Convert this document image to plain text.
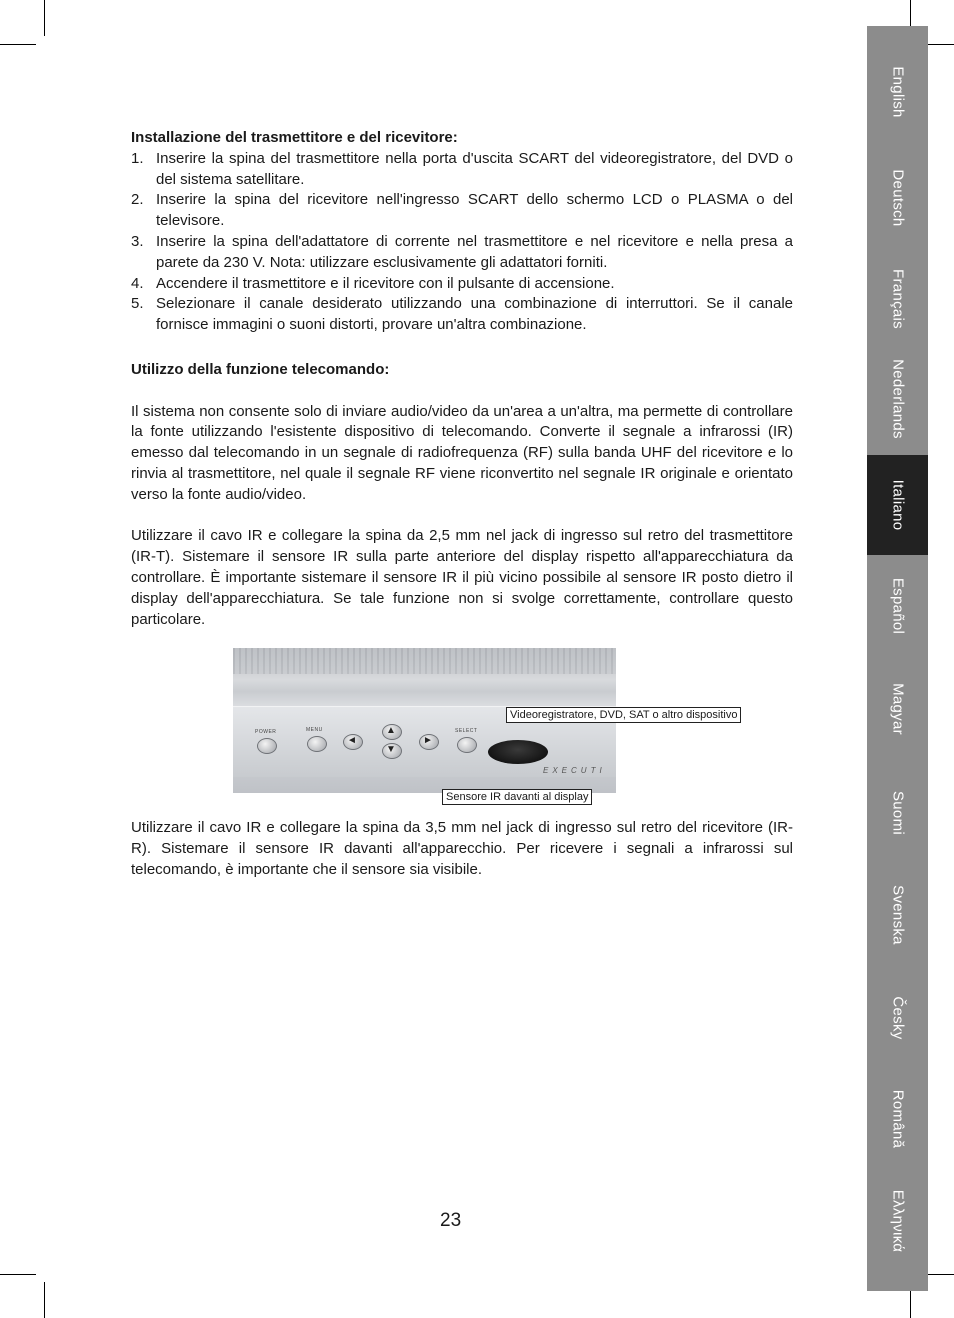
English
Deutsch
Français
Nederlands
Italiano
Español
Magyar
Suomi
Svenska
Česky
Română
Ελληνικά

Installazione del trasmettitore e del ricevitore:

1. Inserire la spina del trasmettitore nella porta d'uscita SCART del videoregistratore, del DVD o del sistema satellitare.
2. Inserire la spina del ricevitore nell'ingresso SCART dello schermo LCD o PLASMA o del televisore.
3. Inserire la spina dell'adattatore di corrente nel trasmettitore e nel ricevitore e nella presa a parete da 230 V. Nota: utilizzare esclusivamente gli adattatori forniti.
4. Accendere il trasmettitore e il ricevitore con il pulsante di accensione.
5. Selezionare il canale desiderato utilizzando una combinazione di interruttori. Se il canale fornisce immagini o suoni distorti, provare un'altra combinazione.

Utilizzo della funzione telecomando:

Il sistema non consente solo di inviare audio/video da un'area a un'altra, ma permette di controllare la fonte utilizzando l'esistente dispositivo di telecomando. Converte il segnale a infrarossi (IR) emesso dal telecomando in un segnale di radiofrequenza (RF) sulla banda UHF del ricevitore e lo rinvia al trasmettitore, nel quale il segnale RF viene riconvertito nel segnale IR originale e orientato verso la fonte audio/video.

Utilizzare il cavo IR e collegare la spina da 2,5 mm nel jack di ingresso sul retro del trasmettitore (IR-T). Sistemare il sensore IR sulla parte anteriore del display rispetto all'apparecchiatura da controllare. È importante sistemare il sensore IR il più vicino possibile al sensore IR posto dietro il display dell'apparecchiatura. Se tale funzione non si svolge correttamente, controllare questo particolare.

POWER	MENU
◄
▲
▼
►
SELECT
EXECUTI
Videoregistratore, DVD, SAT o altro dispositivo
Sensore IR davanti al display

Utilizzare il cavo IR e collegare la spina da 3,5 mm nel jack di ingresso sul retro del ricevitore (IR-R). Sistemare il sensore IR davanti all'apparecchio. Per ricevere i segnali a infrarossi sul telecomando, è importante che il sensore sia visibile.

23
